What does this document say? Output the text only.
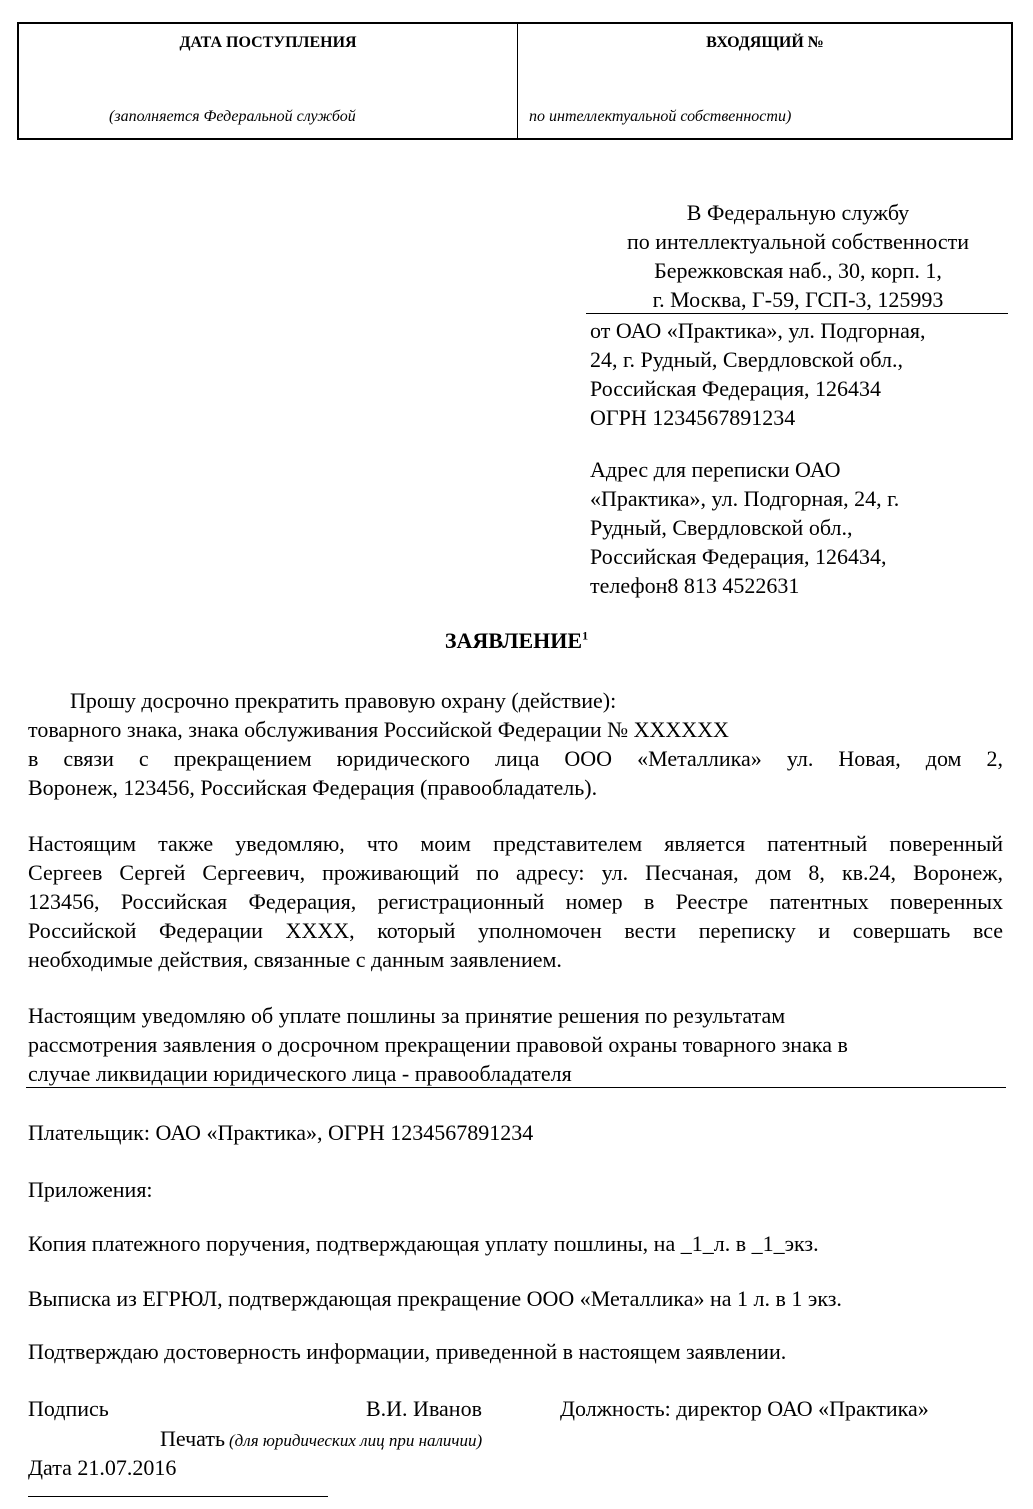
ДАТА ПОСТУПЛЕНИЯ	ВХОДЯЩИЙ №
(заполняется Федеральной службой	по интеллектуальной собственности)
В Федеральную службу
по интеллектуальной собственности
Бережковская наб., 30, корп. 1,
г. Москва, Г-59, ГСП-3, 125993
от ОАО «Практика», ул. Подгорная,
24, г. Рудный, Свердловской обл.,
Российская Федерация, 126434
ОГРН 1234567891234
Адрес для переписки ОАО
«Практика», ул. Подгорная, 24, г.
Рудный, Свердловской обл.,
Российская Федерация, 126434,
телефон8 813 4522631
ЗАЯВЛЕНИЕ$^1$
Прошу досрочно прекратить правовую охрану (действие):
товарного знака, знака обслуживания Российской Федерации № XXXXXX
в связи с прекращением юридического лица ООО «Металлика» ул. Новая, дом 2,
Воронеж, 123456, Российская Федерация (правообладатель).
Настоящим также уведомляю, что моим представителем является патентный поверенный
Сергеев Сергей Сергеевич, проживающий по адресу: ул. Песчаная, дом 8, кв.24, Воронеж,
123456, Российская Федерация, регистрационный номер в Реестре патентных поверенных
Российской Федерации XXXX, который уполномочен вести переписку и совершать все
необходимые действия, связанные с данным заявлением.
Настоящим уведомляю об уплате пошлины за принятие решения по результатам
рассмотрения заявления о досрочном прекращении правовой охраны товарного знака в
случае ликвидации юридического лица - правообладателя
Плательщик: ОАО «Практика», ОГРН 1234567891234
Приложения:
Копия платежного поручения, подтверждающая уплату пошлины, на _1_л. в _1_экз.
Выписка из ЕГРЮЛ, подтверждающая прекращение ООО «Металлика» на 1 л. в 1 экз.
Подтверждаю достоверность информации, приведенной в настоящем заявлении.
Подпись	В.И. Иванов	Должность: директор ОАО «Практика»
Печать (для юридических лиц при наличии)
Дата 21.07.2016
